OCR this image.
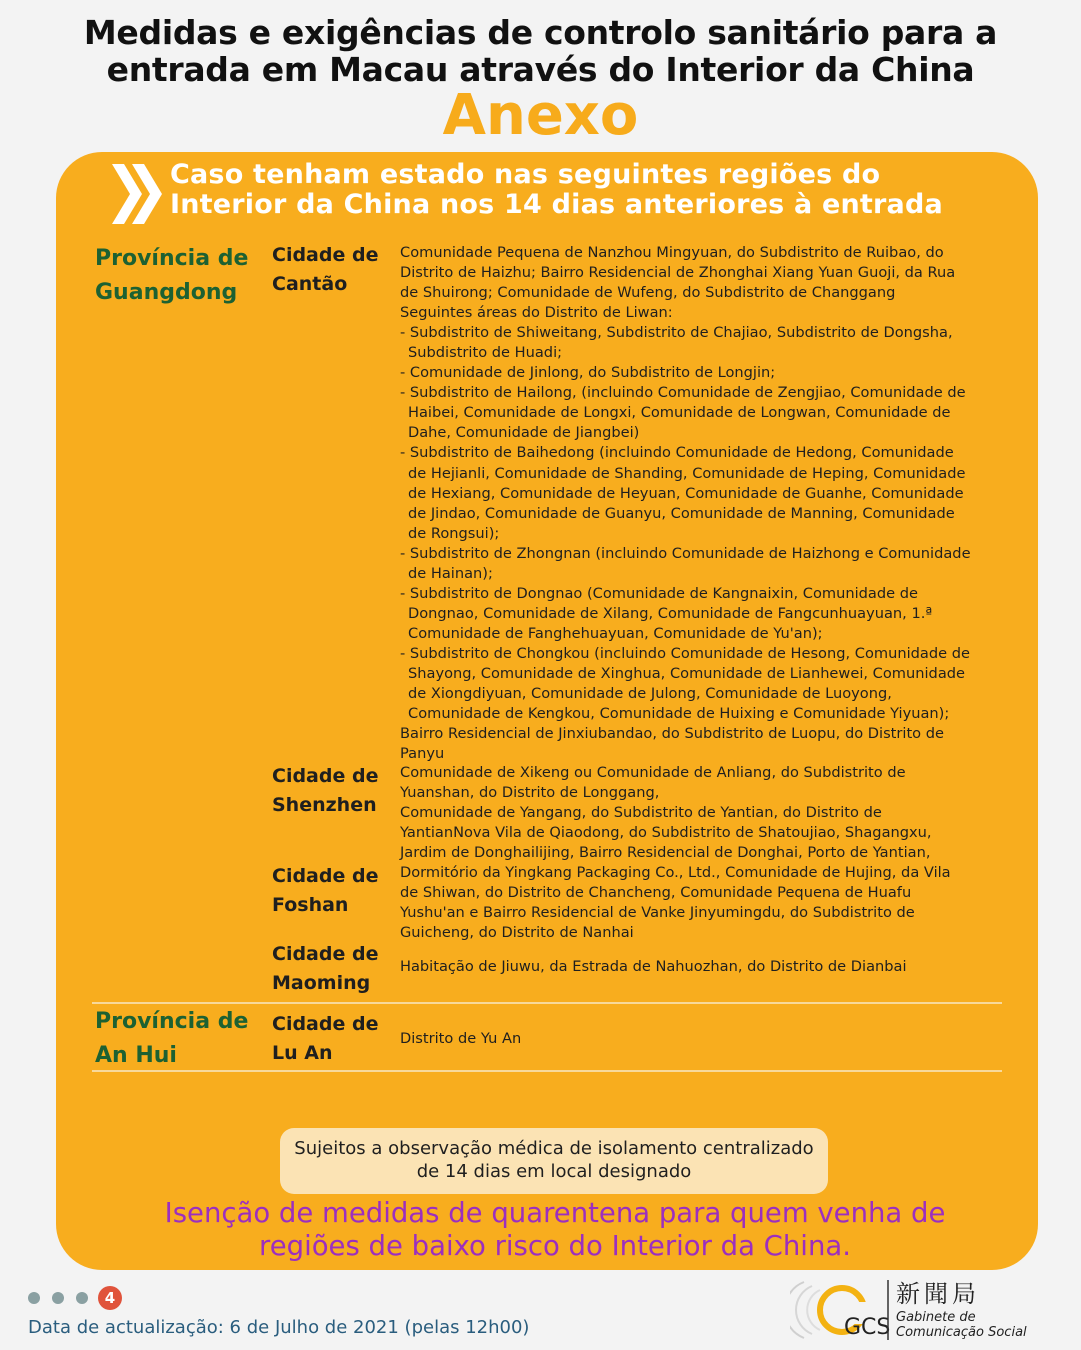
Medidas e exigências de controlo sanitário para a
entrada em Macau através do Interior da China
Anexo
Caso tenham estado nas seguintes regiões do
Interior da China nos 14 dias anteriores à entrada
Província de
Guangdong
Cidade de
Cantão

Comunidade Pequena de Nanzhou Mingyuan, do Subdistrito de Ruibao, do

Distrito de Haizhu; Bairro Residencial de Zhonghai Xiang Yuan Guoji, da Rua

de Shuirong; Comunidade de Wufeng, do Subdistrito de Changgang

Seguintes áreas do Distrito de Liwan:

- Subdistrito de Shiweitang, Subdistrito de Chajiao, Subdistrito de Dongsha,

Subdistrito de Huadi;

- Comunidade de Jinlong, do Subdistrito de Longjin;

- Subdistrito de Hailong, (incluindo Comunidade de Zengjiao, Comunidade de

Haibei, Comunidade de Longxi, Comunidade de Longwan, Comunidade de

Dahe, Comunidade de Jiangbei)

- Subdistrito de Baihedong (incluindo Comunidade de Hedong, Comunidade

de Hejianli, Comunidade de Shanding, Comunidade de Heping, Comunidade

de Hexiang, Comunidade de Heyuan, Comunidade de Guanhe, Comunidade

de Jindao, Comunidade de Guanyu, Comunidade de Manning, Comunidade

de Rongsui);

- Subdistrito de Zhongnan (incluindo Comunidade de Haizhong e Comunidade

de Hainan);

- Subdistrito de Dongnao (Comunidade de Kangnaixin, Comunidade de

Dongnao, Comunidade de Xilang, Comunidade de Fangcunhuayuan, 1.ª

Comunidade de Fanghehuayuan, Comunidade de Yu'an);

- Subdistrito de Chongkou (incluindo Comunidade de Hesong, Comunidade de

Shayong, Comunidade de Xinghua, Comunidade de Lianhewei, Comunidade

de Xiongdiyuan, Comunidade de Julong, Comunidade de Luoyong,

Comunidade de Kengkou, Comunidade de Huixing e Comunidade Yiyuan);

Bairro Residencial de Jinxiubandao, do Subdistrito de Luopu, do Distrito de

Panyu

Cidade de
Shenzhen

Comunidade de Xikeng ou Comunidade de Anliang, do Subdistrito de

Yuanshan, do Distrito de Longgang,

Comunidade de Yangang, do Subdistrito de Yantian, do Distrito de

YantianNova Vila de Qiaodong, do Subdistrito de Shatoujiao, Shagangxu,

Jardim de Donghailijing, Bairro Residencial de Donghai, Porto de Yantian,

Cidade de
Foshan

Dormitório da Yingkang Packaging Co., Ltd., Comunidade de Hujing, da Vila

de Shiwan, do Distrito de Chancheng, Comunidade Pequena de Huafu

Yushu'an e Bairro Residencial de Vanke Jinyumingdu, do Subdistrito de

Guicheng, do Distrito de Nanhai

Cidade de
Maoming

Habitação de Jiuwu, da Estrada de Nahuozhan, do Distrito de Dianbai

Província de
An Hui
Cidade de
Lu An

Distrito de Yu An

Sujeitos a observação médica de isolamento centralizado
de 14 dias em local designado
Isenção de medidas de quarentena para quem venha de
regiões de baixo risco do Interior da China.
4
Data de actualização: 6 de Julho de 2021 (pelas 12h00)	GCS
新聞局
Gabinete de
Comunicação Social
